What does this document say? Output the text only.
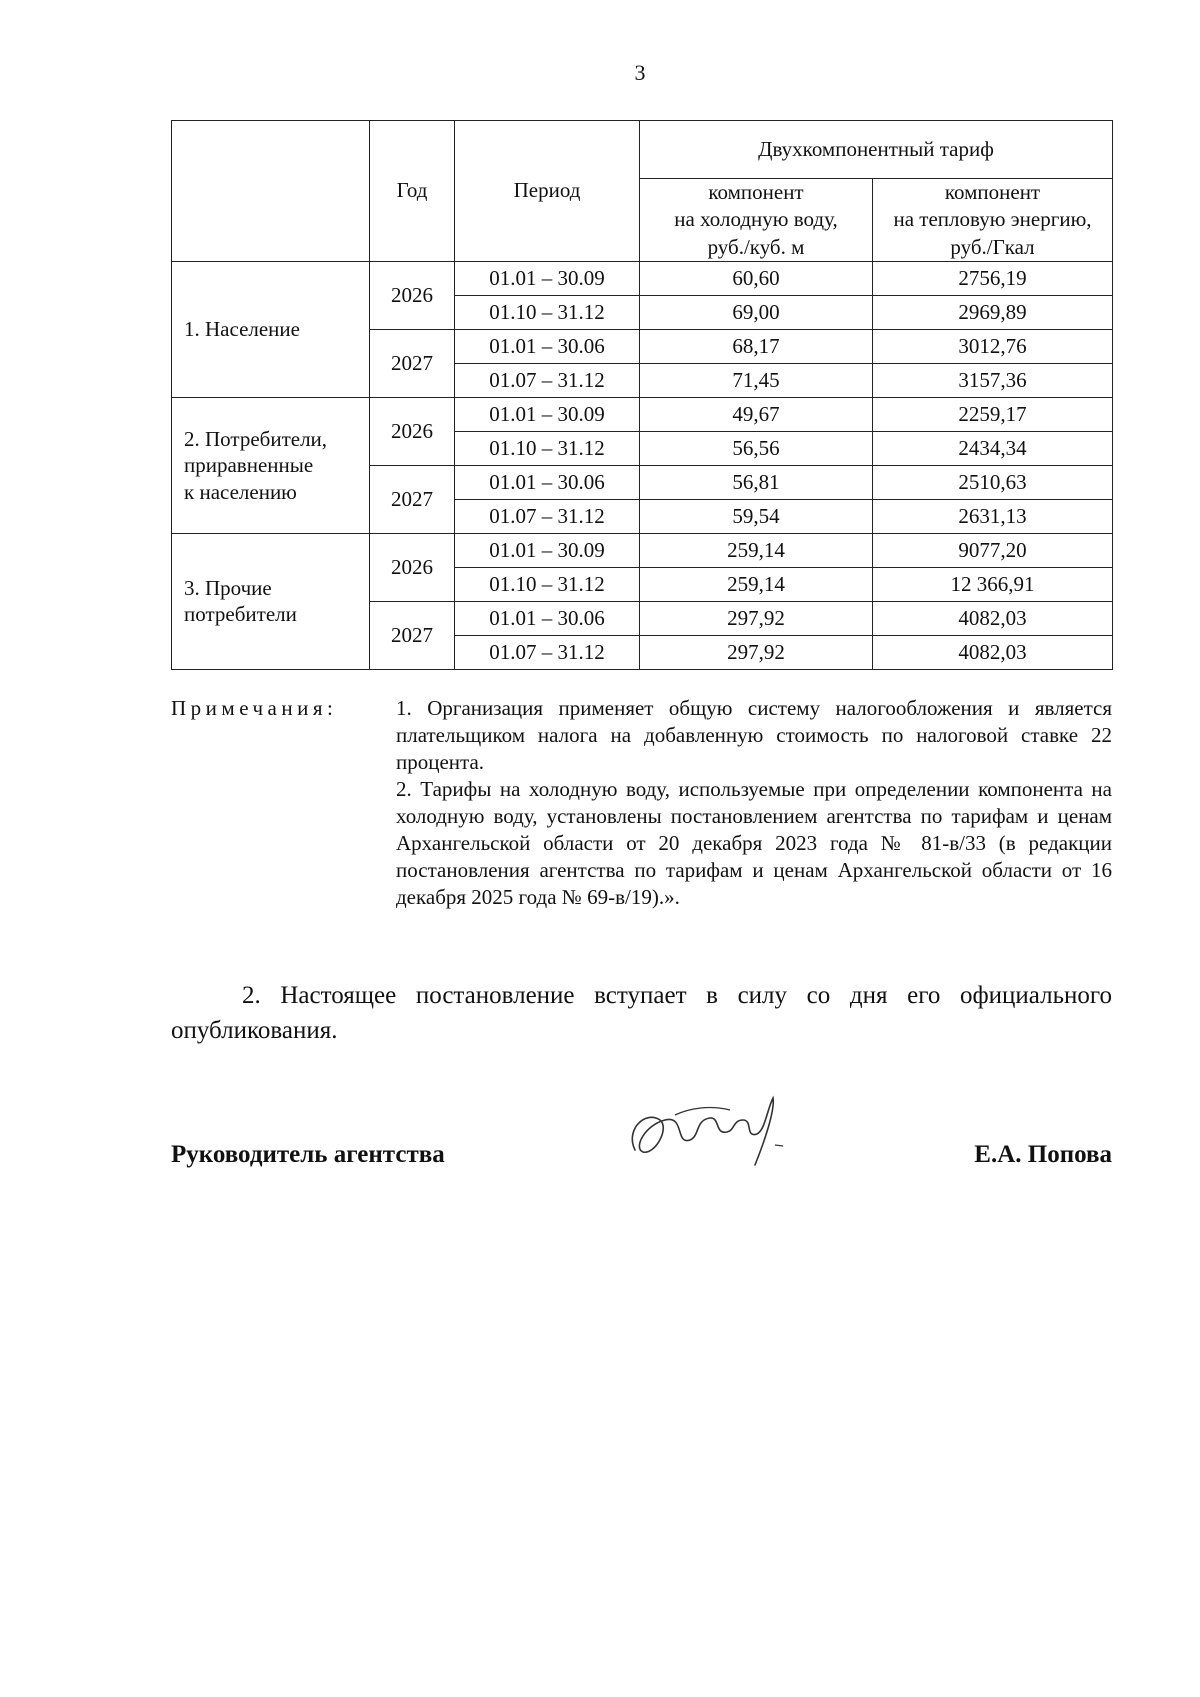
3
	Год	Период	Двухкомпонентный тариф	
			компонент
на холодную воду,
руб./куб. м	компонент
на тепловую энергию,
руб./Гкал
1. Население	2026	01.01 – 30.09	60,60	2756,19
		01.10 – 31.12	69,00	2969,89
	2027	01.01 – 30.06	68,17	3012,76
		01.07 – 31.12	71,45	3157,36
2. Потребители,
приравненные
к населению	2026	01.01 – 30.09	49,67	2259,17
		01.10 – 31.12	56,56	2434,34
	2027	01.01 – 30.06	56,81	2510,63
		01.07 – 31.12	59,54	2631,13
3. Прочие
потребители	2026	01.01 – 30.09	259,14	9077,20
		01.10 – 31.12	259,14	12 366,91
	2027	01.01 – 30.06	297,92	4082,03
		01.07 – 31.12	297,92	4082,03
Примечания:	1. Организация применяет общую систему налогообложения и является плательщиком налога на добавленную стоимость по налоговой ставке 22 процента.

2. Тарифы на холодную воду, используемые при определении компонента на холодную воду, установлены постановлением агентства по тарифам и ценам Архангельской области от 20 декабря 2023 года № 81-в/33 (в редакции постановления агентства по тарифам и ценам Архангельской области от 16 декабря 2025 года № 69-в/19).».

2. Настоящее постановление вступает в силу со дня его официального опубликования.

Руководитель агентства	Е.А. Попова
